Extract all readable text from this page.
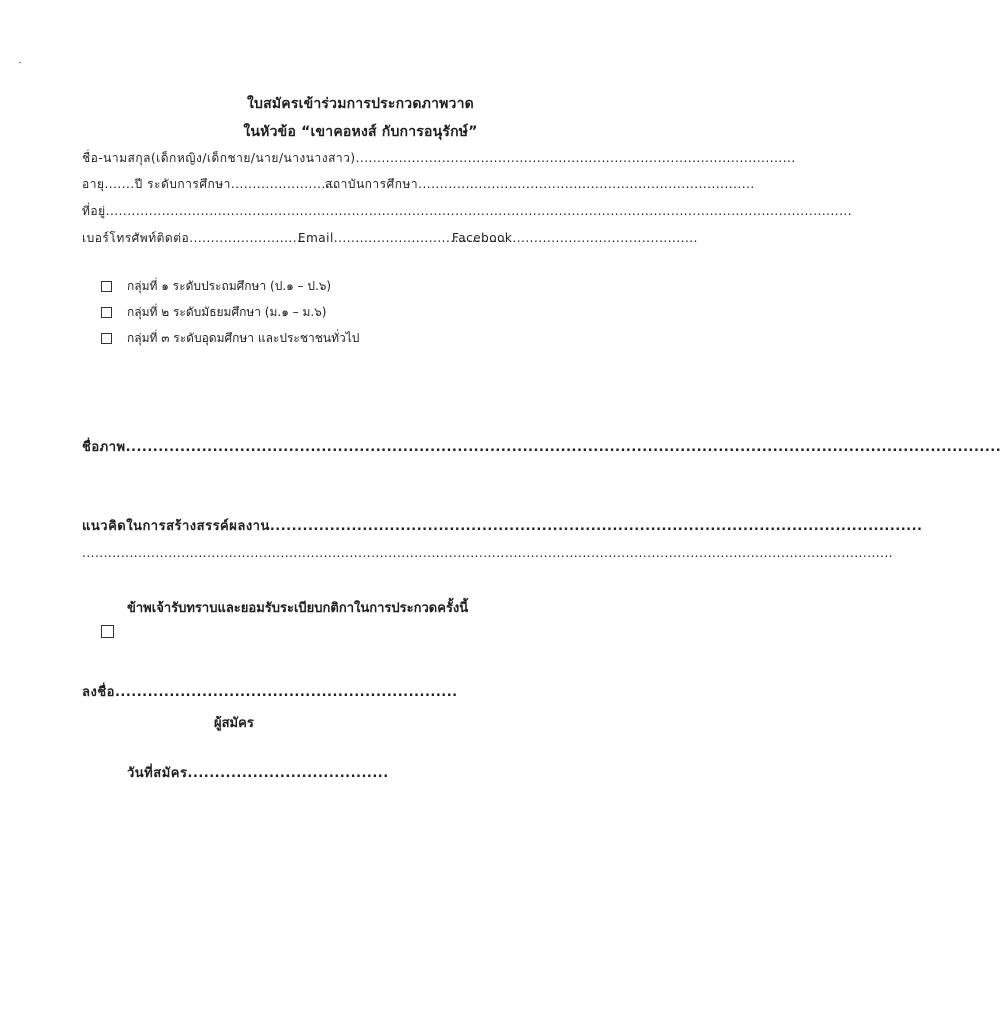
ใบสมัครเข้าร่วมการประกวดภาพวาด
ในหัวข้อ “เขาคอหงส์ กับการอนุรักษ์”
ชื่อ-นามสกุล(เด็กหญิง/เด็กชาย/นาย/นางนางสาว)......................................................................................................
อายุ.......ปี ระดับการศึกษา.........................
สถาบันการศึกษา..............................................................................
ที่อยู่.............................................................................................................................................................................
เบอร์โทรศัพท์ติดต่อ.............................
Email........................................
Facebook...........................................
กลุ่มที่ ๑ ระดับประถมศึกษา (ป.๑ – ป.๖)
กลุ่มที่ ๒ ระดับมัธยมศึกษา (ม.๑ – ม.๖)
กลุ่มที่ ๓ ระดับอุดมศึกษา และประชาชนทั่วไป
ชื่อภาพ.................................................................................................................................................................
แนวคิดในการสร้างสรรค์ผลงาน........................................................................................................................
............................................................................................................................................................................................
ข้าพเจ้ารับทราบและยอมรับระเบียบกติกาในการประกวดครั้งนี้
ลงชื่อ...............................................................
ผู้สมัคร
วันที่สมัคร.....................................
